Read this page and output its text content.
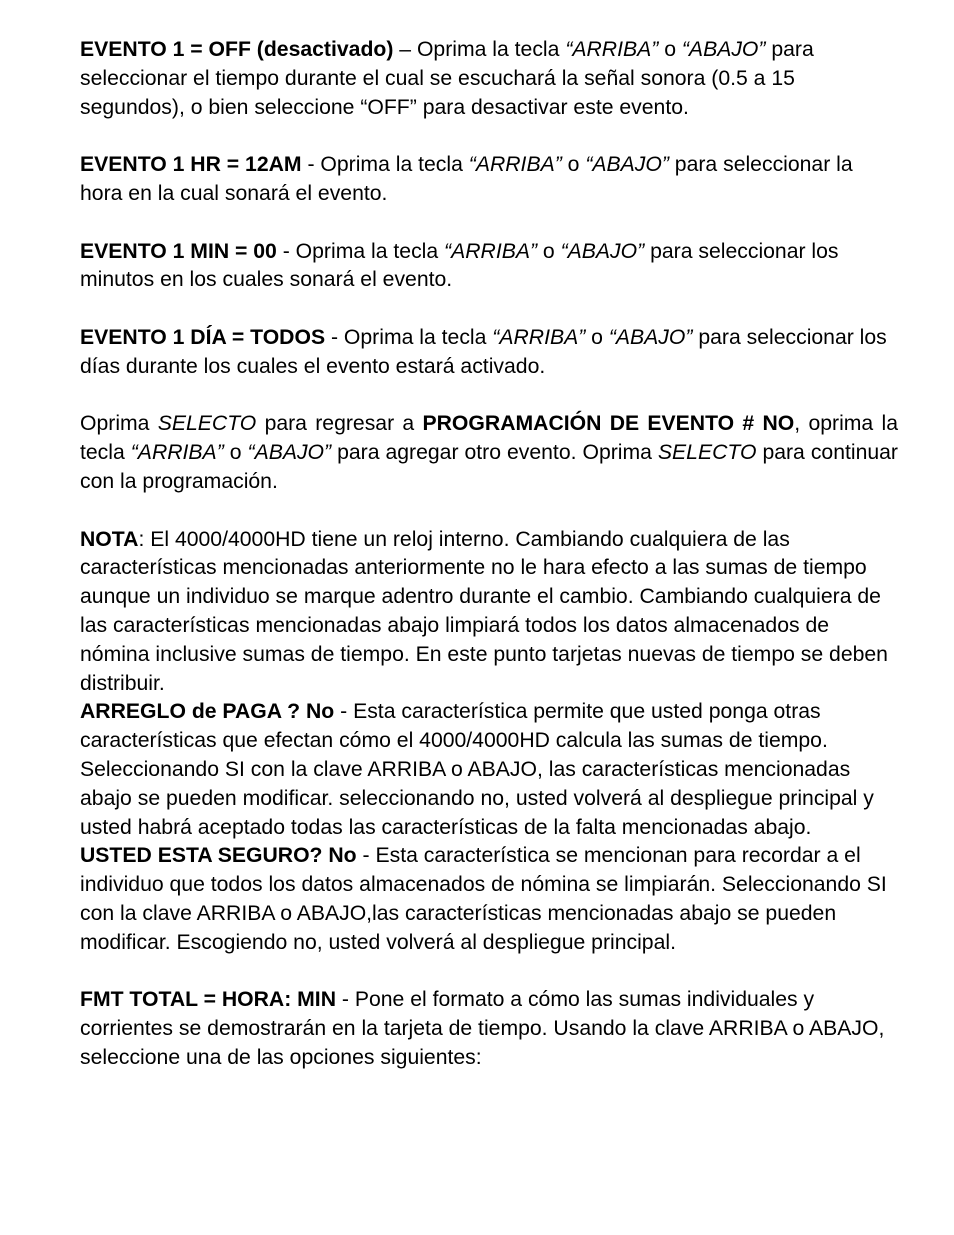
EVENTO 1 = OFF (desactivado) – Oprima la tecla “ARRIBA” o “ABAJO” para seleccionar el tiempo durante el cual se escuchará la señal sonora (0.5 a 15 segundos), o bien seleccione “OFF” para desactivar este evento.

EVENTO 1 HR = 12AM - Oprima la tecla “ARRIBA” o “ABAJO” para seleccionar la hora en la cual sonará el evento.

EVENTO 1 MIN = 00 - Oprima la tecla “ARRIBA” o “ABAJO” para seleccionar los minutos en los cuales sonará el evento.

EVENTO 1 DÍA = TODOS - Oprima la tecla “ARRIBA” o “ABAJO” para seleccionar los días durante los cuales el evento estará activado.

Oprima SELECTO para regresar a PROGRAMACIÓN DE EVENTO # NO, oprima la tecla “ARRIBA” o “ABAJO” para agregar otro evento. Oprima SELECTO para continuar con la programación.

NOTA: El 4000/4000HD tiene un reloj interno. Cambiando cualquiera de las características mencionadas anteriormente no le hara efecto a las sumas de tiempo aunque un individuo se marque adentro durante el cambio. Cambiando cualquiera de las características mencionadas abajo limpiará todos los datos almacenados de nómina inclusive sumas de tiempo. En este punto tarjetas nuevas de tiempo se deben distribuir.

ARREGLO de PAGA ? No - Esta característica permite que usted ponga otras características que efectan cómo el 4000/4000HD calcula las sumas de tiempo. Seleccionando SI con la clave ARRIBA o ABAJO, las características mencionadas abajo se pueden modificar. seleccionando no, usted volverá al despliegue principal y usted habrá aceptado todas las características de la falta mencionadas abajo.

USTED ESTA SEGURO? No - Esta característica se mencionan para recordar a el individuo que todos los datos almacenados de nómina se limpiarán. Seleccionando SI con la clave ARRIBA o ABAJO,las características mencionadas abajo se pueden modificar. Escogiendo no, usted volverá al despliegue principal.

FMT TOTAL = HORA: MIN - Pone el formato a cómo las sumas individuales y corrientes se demostrarán en la tarjeta de tiempo. Usando la clave ARRIBA o ABAJO, seleccione una de las opciones siguientes:
